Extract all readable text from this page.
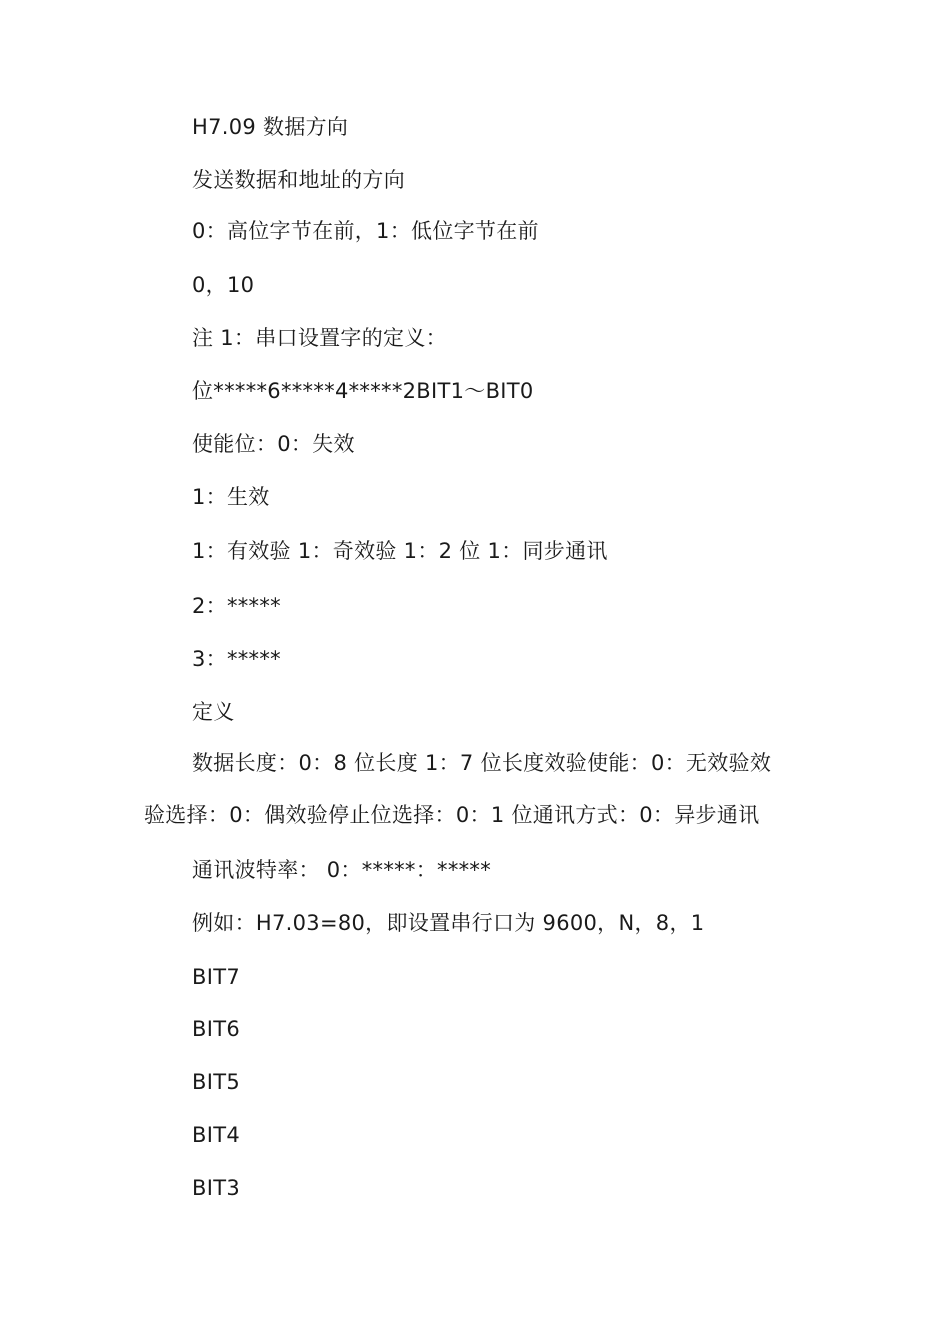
H7.09 数据方向
发送数据和地址的方向
0：高位字节在前，1：低位字节在前
0，10
注 1：串口设置字的定义：
位*****6*****4*****2BIT1～BIT0
使能位：0：失效
1：生效
1：有效验 1：奇效验 1：2 位 1：同步通讯
2：*****
3：*****
定义
数据长度：0：8 位长度 1：7 位长度效验使能：0：无效验效
验选择：0：偶效验停止位选择：0：1 位通讯方式：0：异步通讯
通讯波特率： 0：*****：*****
例如：H7.03=80，即设置串行口为 9600，N，8，1
BIT7
BIT6
BIT5
BIT4
BIT3
